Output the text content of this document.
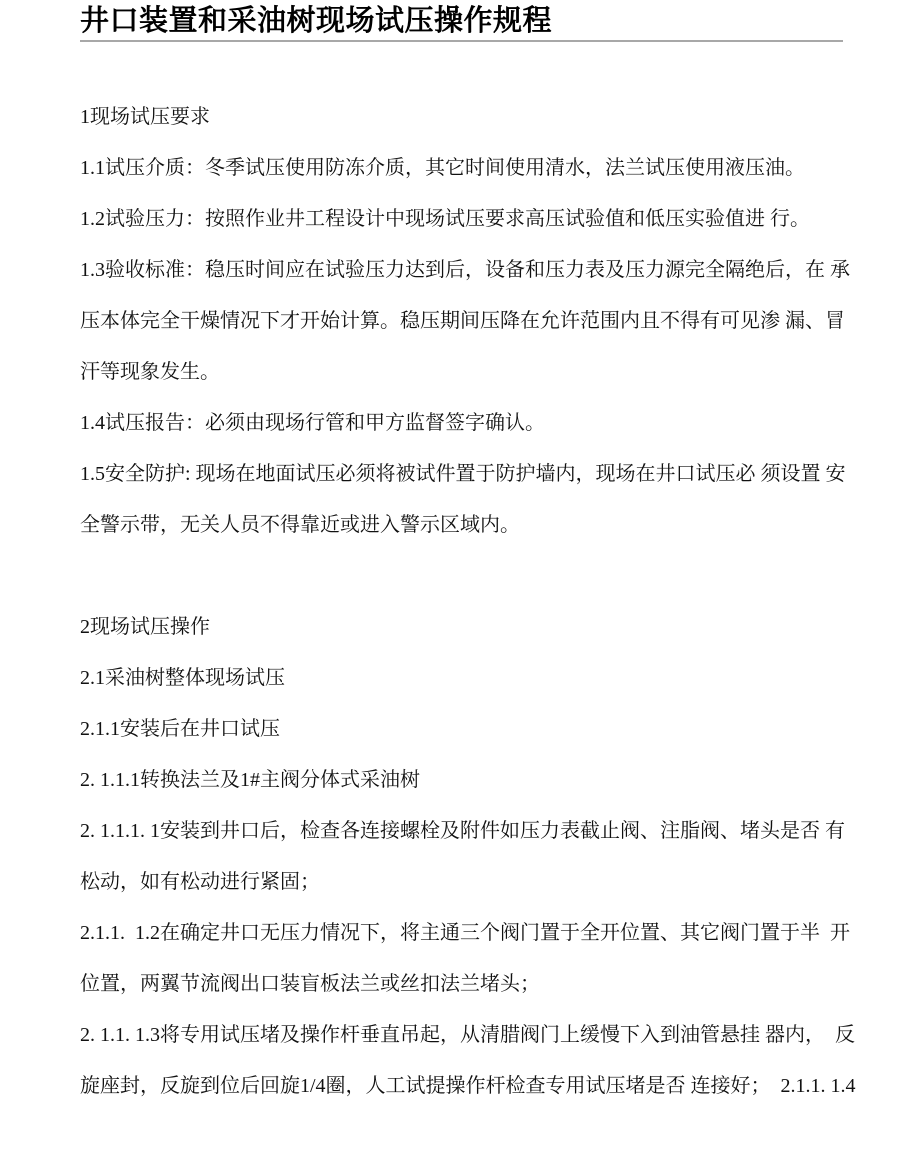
井口装置和采油树现场试压操作规程

1现场试压要求

1.1试压介质：冬季试压使用防冻介质，其它时间使用清水，法兰试压使用液压油。

1.2试验压力：按照作业井工程设计中现场试压要求高压试验值和低压实验值进 行。

1.3验收标准：稳压时间应在试验压力达到后，设备和压力表及压力源完全隔绝后，在 承

压本体完全干燥情况下才开始计算。稳压期间压降在允许范围内且不得有可见渗 漏、冒

汗等现象发生。

1.4试压报告：必须由现场行管和甲方监督签字确认。

1.5安全防护: 现场在地面试压必须将被试件置于防护墙内，现场在井口试压必 须设置 安

全警示带，无关人员不得靠近或进入警示区域内。

2现场试压操作

2.1采油树整体现场试压

2.1.1安装后在井口试压

2. 1.1.1转换法兰及1#主阀分体式采油树

2. 1.1.1. 1安装到井口后，检查各连接螺栓及附件如压力表截止阀、注脂阀、堵头是否 有

松动，如有松动进行紧固；

2.1.1.  1.2在确定井口无压力情况下，将主通三个阀门置于全开位置、其它阀门置于半  开

位置，两翼节流阀出口装盲板法兰或丝扣法兰堵头；

2. 1.1. 1.3将专用试压堵及操作杆垂直吊起，从清腊阀门上缓慢下入到油管悬挂 器内，  反

旋座封，反旋到位后回旋1/4圈，人工试提操作杆检查专用试压堵是否 连接好；  2.1.1. 1.4
